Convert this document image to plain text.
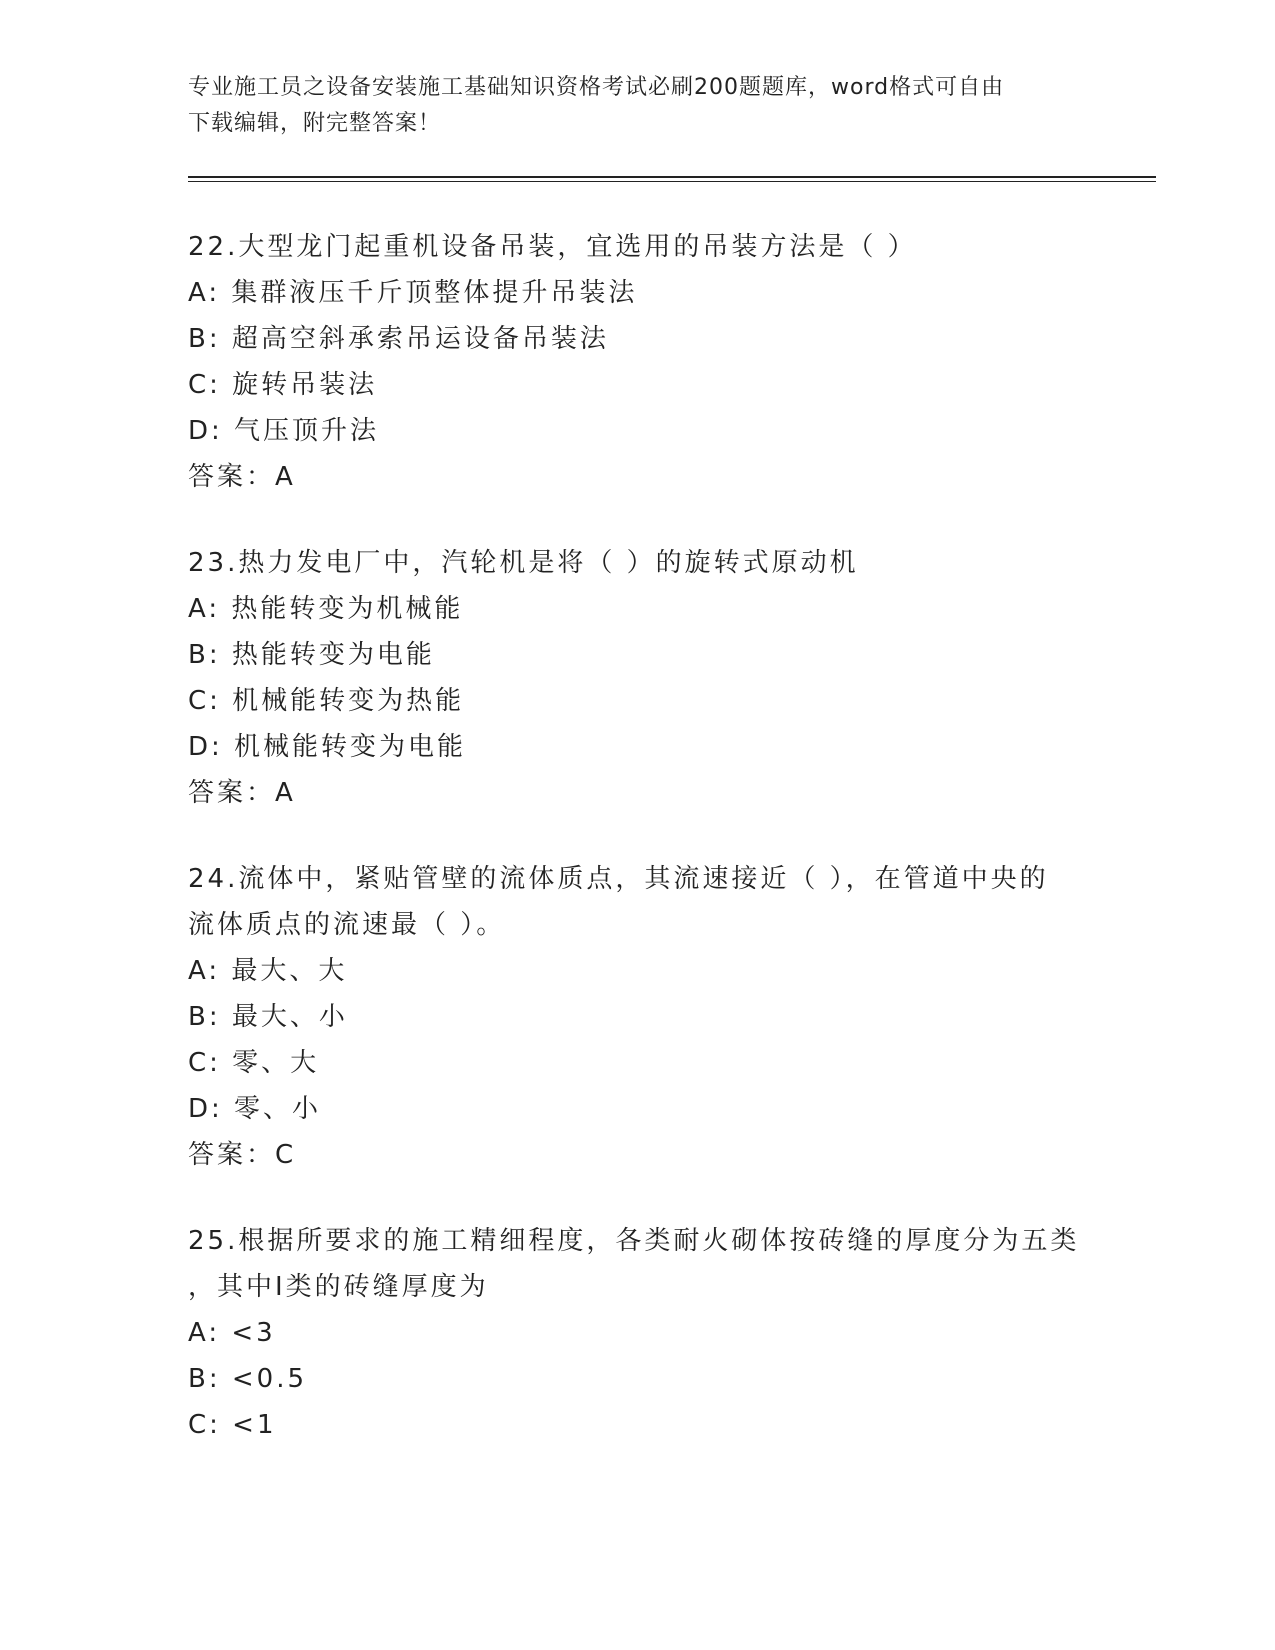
专业施工员之设备安装施工基础知识资格考试必刷200题题库，word格式可自由
下载编辑，附完整答案！
22.大型龙门起重机设备吊装，宜选用的吊装方法是（ ）
A: 集群液压千斤顶整体提升吊装法
B: 超高空斜承索吊运设备吊装法
C: 旋转吊装法
D: 气压顶升法
答案：A
23.热力发电厂中，汽轮机是将（ ）的旋转式原动机
A: 热能转变为机械能
B: 热能转变为电能
C: 机械能转变为热能
D: 机械能转变为电能
答案：A
24.流体中，紧贴管壁的流体质点，其流速接近（ ），在管道中央的
流体质点的流速最（ ）。
A: 最大、大
B: 最大、小
C: 零、大
D: 零、小
答案：C
25.根据所要求的施工精细程度，各类耐火砌体按砖缝的厚度分为五类
，其中Ⅰ类的砖缝厚度为
A: <3
B: <0.5
C: <1
